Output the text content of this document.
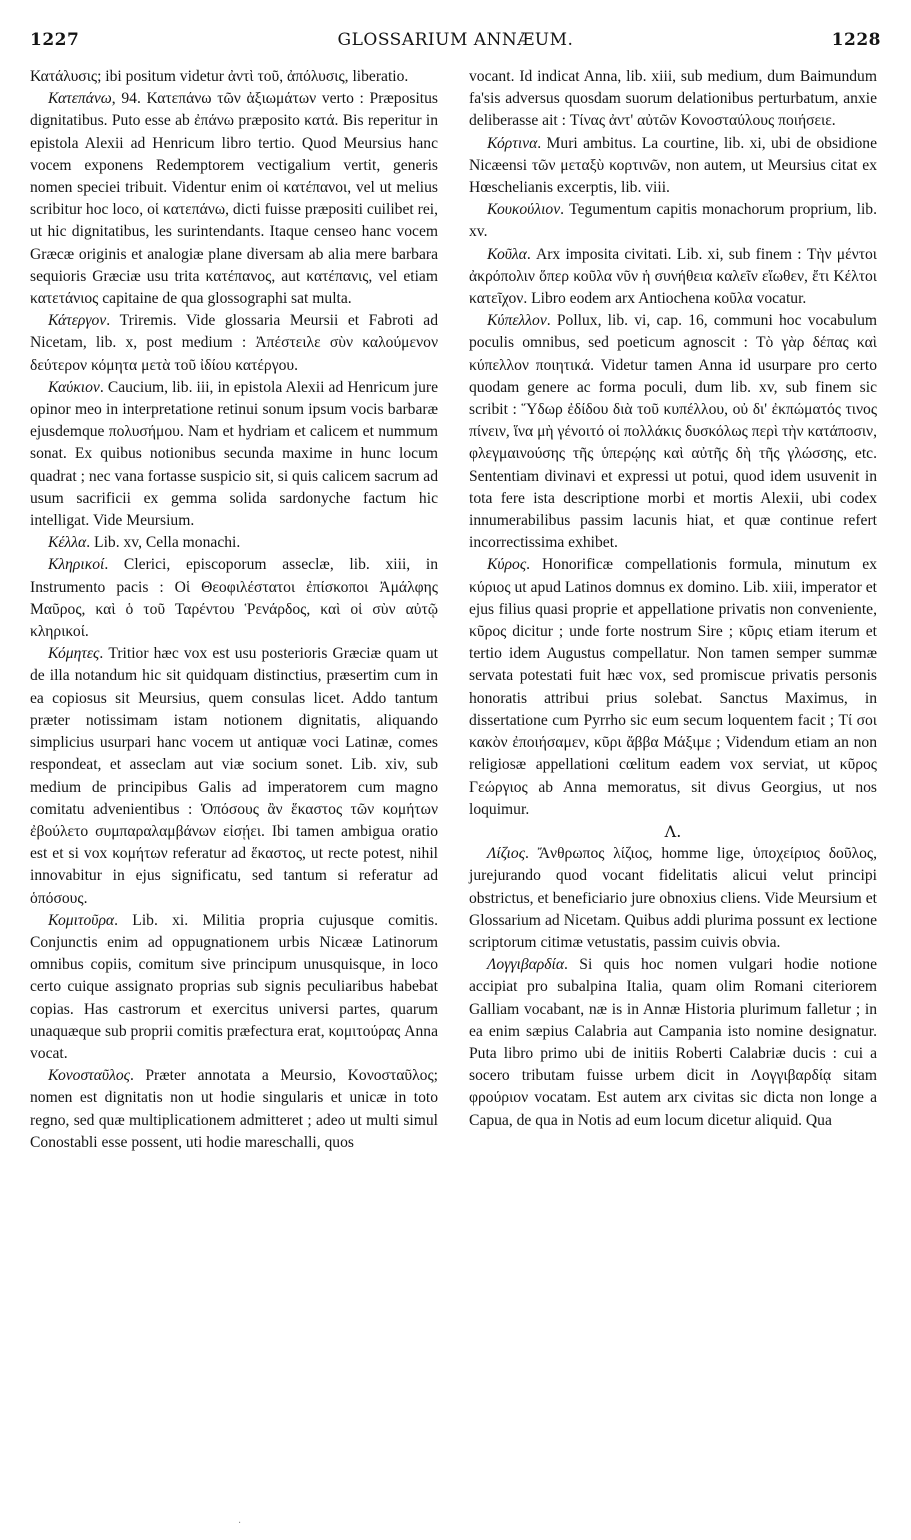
1227	GLOSSARIUM ANNÆUM.	1228

Κατάλυσις; ibi positum videtur ἀντὶ τοῦ, ἀπόλυσις, liberatio.

Κατεπάνω, 94. Κατεπάνω τῶν ἀξιωμάτων verto : Præpositus dignitatibus. Puto esse ab ἐπάνω præposito κατά. Bis reperitur in epistola Alexii ad Henricum libro tertio. Quod Meursius hanc vocem exponens Redemptorem vectigalium vertit, generis nomen speciei tribuit. Videntur enim οἱ κατέπανοι, vel ut melius scribitur hoc loco, οἱ κατεπάνω, dicti fuisse præpositi cuilibet rei, ut hic dignitatibus, les surintendants. Itaque censeo hanc vocem Græcæ originis et analogiæ plane diversam ab alia mere barbara sequioris Græciæ usu trita κατέπανος, aut κατέπανις, vel etiam κατετάνιος capitaine de qua glossographi sat multa.

Κάτεργον. Triremis. Vide glossaria Meursii et Fabroti ad Nicetam, lib. x, post medium : Ἀπέστειλε σὺν καλούμενον δεύτερον κόμητα μετὰ τοῦ ἰδίου κατέργου.

Καύκιον. Caucium, lib. iii, in epistola Alexii ad Henricum jure opinor meo in interpretatione retinui sonum ipsum vocis barbaræ ejusdemque πολυσήμου. Nam et hydriam et calicem et nummum sonat. Ex quibus notionibus secunda maxime in hunc locum quadrat ; nec vana fortasse suspicio sit, si quis calicem sacrum ad usum sacrificii ex gemma solida sardonyche factum hic intelligat. Vide Meursium.

Κέλλα. Lib. xv, Cella monachi.

Κληρικοί. Clerici, episcoporum asseclæ, lib. xiii, in Instrumento pacis : Οἱ Θεοφιλέστατοι ἐπίσκοποι Ἀμάλφης Μαῦρος, καὶ ὁ τοῦ Ταρέντου Ῥενάρδος, καὶ οἱ σὺν αὐτῷ κληρικοί.

Κόμητες. Tritior hæc vox est usu posterioris Græciæ quam ut de illa notandum hic sit quidquam distinctius, præsertim cum in ea copiosus sit Meursius, quem consulas licet. Addo tantum præter notissimam istam notionem dignitatis, aliquando simplicius usurpari hanc vocem ut antiquæ voci Latinæ, comes respondeat, et asseclam aut viæ socium sonet. Lib. xiv, sub medium de principibus Galis ad imperatorem cum magno comitatu advenientibus : Ὁπόσους ἂν ἕκαστος τῶν κομήτων ἐβούλετο συμπαραλαμβάνων εἰσῄει. Ibi tamen ambigua oratio est et si vox κομήτων referatur ad ἕκαστος, ut recte potest, nihil innovabitur in ejus significatu, sed tantum si referatur ad ὁπόσους.

Κομιτοῦρα. Lib. xi. Militia propria cujusque comitis. Conjunctis enim ad oppugnationem urbis Nicææ Latinorum omnibus copiis, comitum sive principum unusquisque, in loco certo cuique assignato proprias sub signis peculiaribus habebat copias. Has castrorum et exercitus universi partes, quarum unaquæque sub proprii comitis præfectura erat, κομιτούρας Anna vocat.

Κονοσταῦλος. Præter annotata a Meursio, Κονοσταῦλος; nomen est dignitatis non ut hodie singularis et unicæ in toto regno, sed quæ multiplicationem admitteret ; adeo ut multi simul Conostabli esse possent, uti hodie mareschalli, quos

vocant. Id indicat Anna, lib. xiii, sub medium, dum Baimundum fa'sis adversus quosdam suorum delationibus perturbatum, anxie deliberasse ait : Τίνας ἀντ' αὐτῶν Κονοσταύλους ποιήσειε.

Κόρτινα. Muri ambitus. La courtine, lib. xi, ubi de obsidione Nicæensi τῶν μεταξὺ κορτινῶν, non autem, ut Meursius citat ex Hœschelianis excerptis, lib. viii.

Κουκούλιον. Tegumentum capitis monachorum proprium, lib. xv.

Κοῦλα. Arx imposita civitati. Lib. xi, sub finem : Τὴν μέντοι ἀκρόπολιν ὅπερ κοῦλα νῦν ἡ συνήθεια καλεῖν εἴωθεν, ἔτι Κέλτοι κατεῖχον. Libro eodem arx Antiochena κοῦλα vocatur.

Κύπελλον. Pollux, lib. vi, cap. 16, communi hoc vocabulum poculis omnibus, sed poeticum agnoscit : Τὸ γὰρ δέπας καὶ κύπελλον ποιητικά. Videtur tamen Anna id usurpare pro certo quodam genere ac forma poculi, dum lib. xv, sub finem sic scribit : Ὕδωρ ἐδίδου διὰ τοῦ κυπέλλου, οὐ δι' ἐκπώματός τινος πίνειν, ἵνα μὴ γένοιτό οἱ πολλάκις δυσκόλως περὶ τὴν κατάποσιν, φλεγμαινούσης τῆς ὑπερῴης καὶ αὐτῆς δὴ τῆς γλώσσης, etc. Sententiam divinavi et expressi ut potui, quod idem usuvenit in tota fere ista descriptione morbi et mortis Alexii, ubi codex innumerabilibus passim lacunis hiat, et quæ continue refert incorrectissima exhibet.

Κύρος. Honorificæ compellationis formula, minutum ex κύριος ut apud Latinos domnus ex domino. Lib. xiii, imperator et ejus filius quasi proprie et appellatione privatis non conveniente, κῦρος dicitur ; unde forte nostrum Sire ; κῦρις etiam iterum et tertio idem Augustus compellatur. Non tamen semper summæ servata potestati fuit hæc vox, sed promiscue privatis personis honoratis attribui prius solebat. Sanctus Maximus, in dissertatione cum Pyrrho sic eum secum loquentem facit ; Τί σοι κακὸν ἐποιήσαμεν, κῦρι ἄββα Μάξιμε ; Videndum etiam an non religiosæ appellationi cœlitum eadem vox serviat, ut κῦρος Γεώργιος ab Anna memoratus, sit divus Georgius, ut nos loquimur.

Λ.

Λίζιος. Ἄνθρωπος λίζιος, homme lige, ὑποχείριος δοῦλος, jurejurando quod vocant fidelitatis alicui velut principi obstrictus, et beneficiario jure obnoxius cliens. Vide Meursium et Glossarium ad Nicetam. Quibus addi plurima possunt ex lectione scriptorum citimæ vetustatis, passim cuivis obvia.

Λογγιβαρδία. Si quis hoc nomen vulgari hodie notione accipiat pro subalpina Italia, quam olim Romani citeriorem Galliam vocabant, næ is in Annæ Historia plurimum falletur ; in ea enim sæpius Calabria aut Campania isto nomine designatur. Puta libro primo ubi de initiis Roberti Calabriæ ducis : cui a socero tributam fuisse urbem dicit in Λογγιβαρδίᾳ sitam φρούριον vocatam. Est autem arx civitas sic dicta non longe a Capua, de qua in Notis ad eum locum dicetur aliquid. Qua

·
